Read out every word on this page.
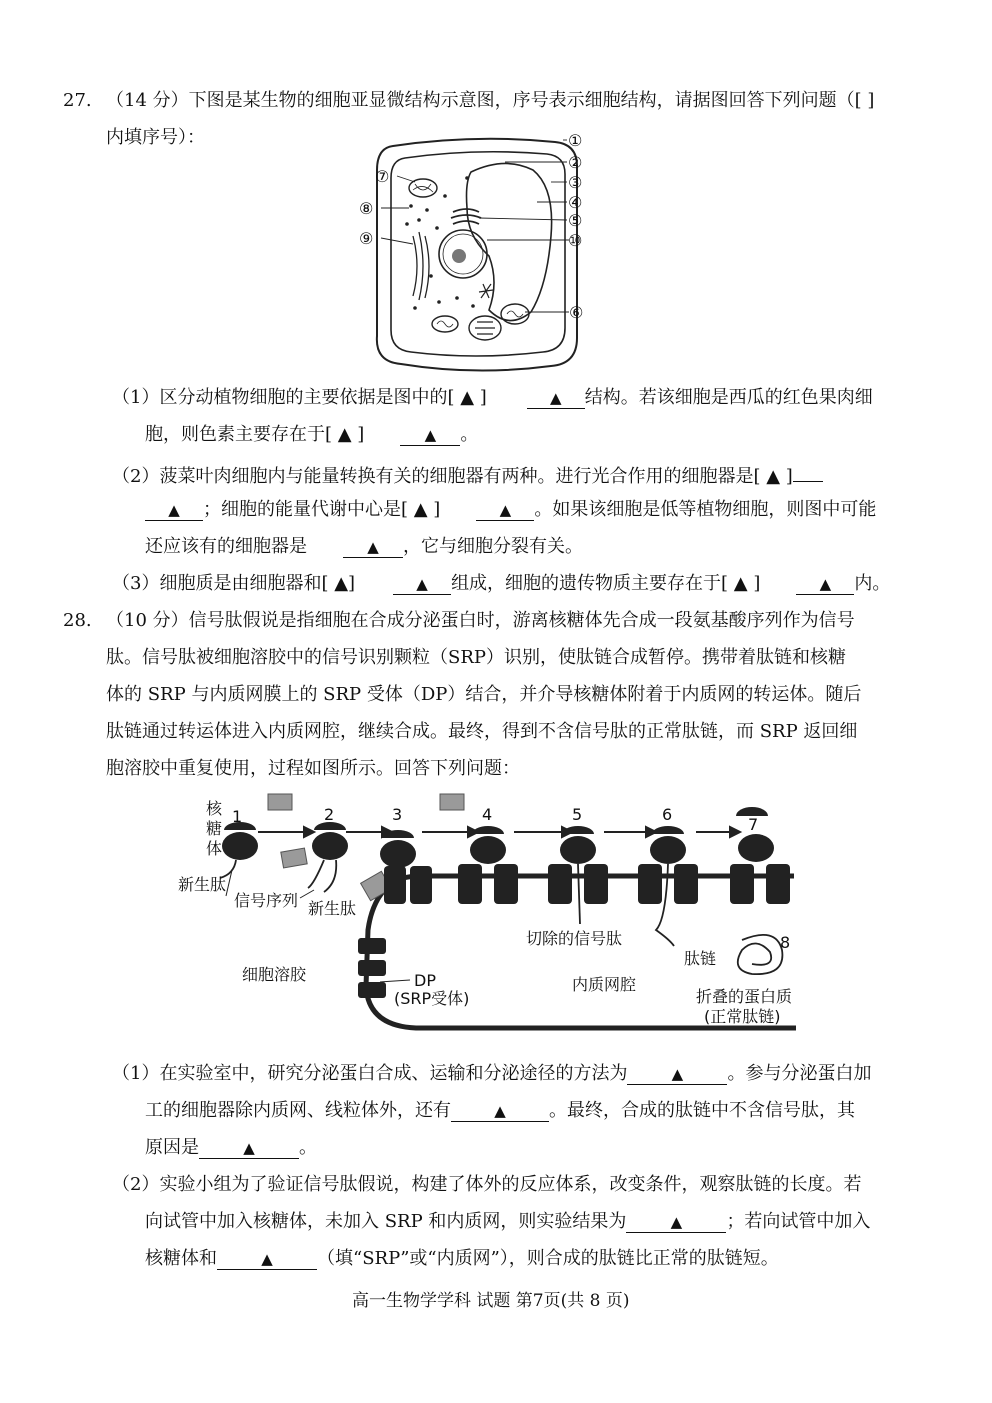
27. （14 分）下图是某生物的细胞亚显微结构示意图，序号表示细胞结构，请据图回答下列问题（[ ]
内填序号）：	①
②
③
④
⑤
⑥
⑦
⑧
⑨	⑩
（1）区分动植物细胞的主要依据是图中的[ ▲ ]	▲ 结构。若该细胞是西瓜的红色果肉细
胞，则色素主要存在于[ ▲ ]	▲ 。
（2）菠菜叶肉细胞内与能量转换有关的细胞器有两种。进行光合作用的细胞器是[ ▲ ]
▲ ；细胞的能量代谢中心是[ ▲ ]	▲ 。如果该细胞是低等植物细胞，则图中可能
还应该有的细胞器是	▲ ，它与细胞分裂有关。
（3）细胞质是由细胞器和[ ▲]	▲ 组成，细胞的遗传物质主要存在于[ ▲ ]	▲ 内。
28. （10 分）信号肽假说是指细胞在合成分泌蛋白时，游离核糖体先合成一段氨基酸序列作为信号
肽。信号肽被细胞溶胶中的信号识别颗粒（SRP）识别，使肽链合成暂停。携带着肽链和核糖
体的 SRP 与内质网膜上的 SRP 受体（DP）结合，并介导核糖体附着于内质网的转运体。随后
肽链通过转运体进入内质网腔，继续合成。最终，得到不含信号肽的正常肽链，而 SRP 返回细
胞溶胶中重复使用，过程如图所示。回答下列问题：
核
糖
体
1	2	3	4	5	6
7
8
新生肽
信号序列 新生肽
细胞溶胶	DP
(SRP受体)
切除的信号肽
内质网腔
肽链
折叠的蛋白质
(正常肽链)
（1）在实验室中，研究分泌蛋白合成、运输和分泌途径的方法为	▲ 。参与分泌蛋白加
工的细胞器除内质网、线粒体外，还有	▲ 。最终，合成的肽链中不含信号肽，其
原因是	▲ 。
（2）实验小组为了验证信号肽假说，构建了体外的反应体系，改变条件，观察肽链的长度。若
向试管中加入核糖体，未加入 SRP 和内质网，则实验结果为	▲ ；若向试管中加入
核糖体和	▲ （填“SRP”或“内质网”），则合成的肽链比正常的肽链短。
高一生物学学科 试题 第7页(共 8 页)
